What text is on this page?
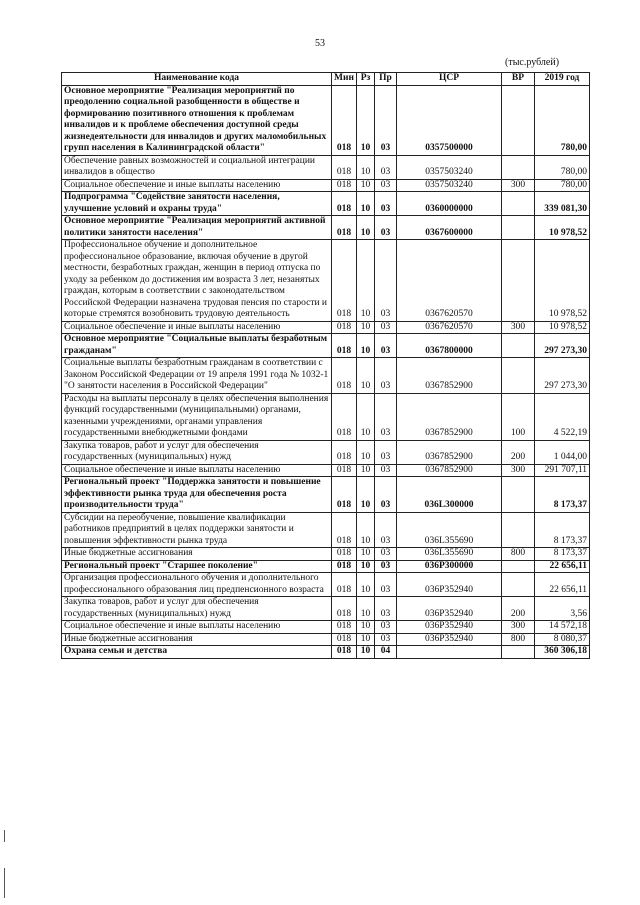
53
(тыс.рублей)
Наименование кода	Мин	Рз	Пр	ЦСР	ВР	2019 год
Основное мероприятие "Реализация мероприятий по преодолению социальной разобщенности в обществе и формированию позитивного отношения к проблемам инвалидов и к проблеме обеспечения доступной среды жизнедеятельности для инвалидов и других маломобильных групп населения в Калининградской области"	018	10	03	0357500000		780,00
Обеспечение равных возможностей и социальной интеграции инвалидов в общество	018	10	03	0357503240		780,00
Социальное обеспечение и иные выплаты населению	018	10	03	0357503240	300	780,00
Подпрограмма "Содействие занятости населения, улучшение условий и охраны труда"	018	10	03	0360000000		339 081,30
Основное мероприятие "Реализация мероприятий активной политики занятости населения"	018	10	03	0367600000		10 978,52
Профессиональное обучение и дополнительное профессиональное образование, включая обучение в другой местности, безработных граждан, женщин в период отпуска по уходу за ребенком до достижения им возраста 3 лет, незанятых граждан, которым в соответствии с законодательством Российской Федерации назначена трудовая пенсия по старости и которые стремятся возобновить трудовую деятельность	018	10	03	0367620570		10 978,52
Социальное обеспечение и иные выплаты населению	018	10	03	0367620570	300	10 978,52
Основное мероприятие "Социальные выплаты безработным гражданам"	018	10	03	0367800000		297 273,30
Социальные выплаты безработным гражданам в соответствии с Законом Российской Федерации от 19 апреля 1991 года № 1032-1 "О занятости населения в Российской Федерации"	018	10	03	0367852900		297 273,30
Расходы на выплаты персоналу в целях обеспечения выполнения функций государственными (муниципальными) органами, казенными учреждениями, органами управления государственными внебюджетными фондами	018	10	03	0367852900	100	4 522,19
Закупка товаров, работ и услуг для обеспечения государственных (муниципальных) нужд	018	10	03	0367852900	200	1 044,00
Социальное обеспечение и иные выплаты населению	018	10	03	0367852900	300	291 707,11
Региональный проект "Поддержка занятости и повышение эффективности рынка труда для обеспечения роста производительности труда"	018	10	03	036L300000		8 173,37
Субсидии на переобучение, повышение квалификации работников предприятий в целях поддержки занятости и повышения эффективности рынка труда	018	10	03	036L355690		8 173,37
Иные бюджетные ассигнования	018	10	03	036L355690	800	8 173,37
Региональный проект "Старшее поколение"	018	10	03	036P300000		22 656,11
Организация профессионального обучения и дополнительного профессионального образования лиц предпенсионного возраста	018	10	03	036P352940		22 656,11
Закупка товаров, работ и услуг для обеспечения государственных (муниципальных) нужд	018	10	03	036P352940	200	3,56
Социальное обеспечение и иные выплаты населению	018	10	03	036P352940	300	14 572,18
Иные бюджетные ассигнования	018	10	03	036P352940	800	8 080,37
Охрана семьи и детства	018	10	04			360 306,18
